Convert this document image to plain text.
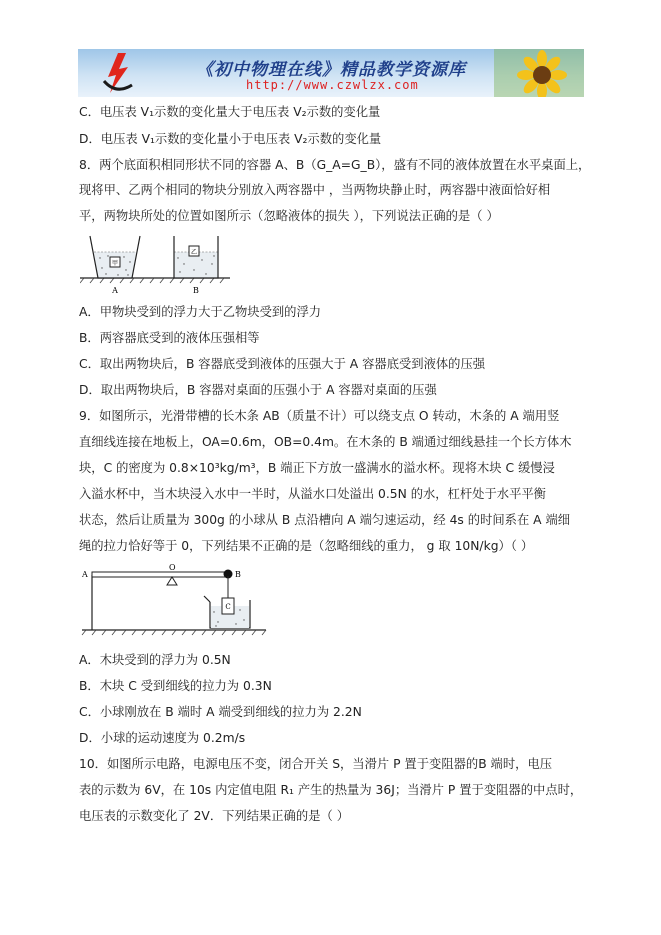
《初中物理在线》精品教学资源库
http://www.czwlzx.com
C．电压表 V₁示数的变化量大于电压表 V₂示数的变化量
D．电压表 V₁示数的变化量小于电压表 V₂示数的变化量
8．两个底面积相同形状不同的容器 A、B（G_A=G_B），盛有不同的液体放置在水平桌面上，
现将甲、乙两个相同的物块分别放入两容器中 ，当两物块静止时，两容器中液面恰好相
平，两物块所处的位置如图所示（忽略液体的损失 ），下列说法正确的是（ ）
甲
乙
A	B
A．甲物块受到的浮力大于乙物块受到的浮力
B．两容器底受到的液体压强相等
C．取出两物块后，B 容器底受到液体的压强大于 A 容器底受到液体的压强
D．取出两物块后，B 容器对桌面的压强小于 A 容器对桌面的压强
9．如图所示，光滑带槽的长木条 AB（质量不计）可以绕支点 O 转动，木条的 A 端用竖
直细线连接在地板上，OA=0.6m，OB=0.4m。在木条的 B 端通过细线悬挂一个长方体木
块，C 的密度为 0.8×10³kg/m³，B 端正下方放一盛满水的溢水杯。现将木块 C 缓慢浸
入溢水杯中，当木块浸入水中一半时，从溢水口处溢出 0.5N 的水，杠杆处于水平平衡
状态，然后让质量为 300g 的小球从 B 点沿槽向 A 端匀速运动，经 4s 的时间系在 A 端细
绳的拉力恰好等于 0，下列结果不正确的是（忽略细线的重力， g 取 10N/kg）（ ）
C
A
O
B
A．木块受到的浮力为 0.5N
B．木块 C 受到细线的拉力为 0.3N
C．小球刚放在 B 端时 A 端受到细线的拉力为 2.2N
D．小球的运动速度为 0.2m/s
10．如图所示电路，电源电压不变，闭合开关 S，当滑片 P 置于变阻器的B 端时，电压
表的示数为 6V，在 10s 内定值电阻 R₁ 产生的热量为 36J；当滑片 P 置于变阻器的中点时，
电压表的示数变化了 2V．下列结果正确的是（ ）
